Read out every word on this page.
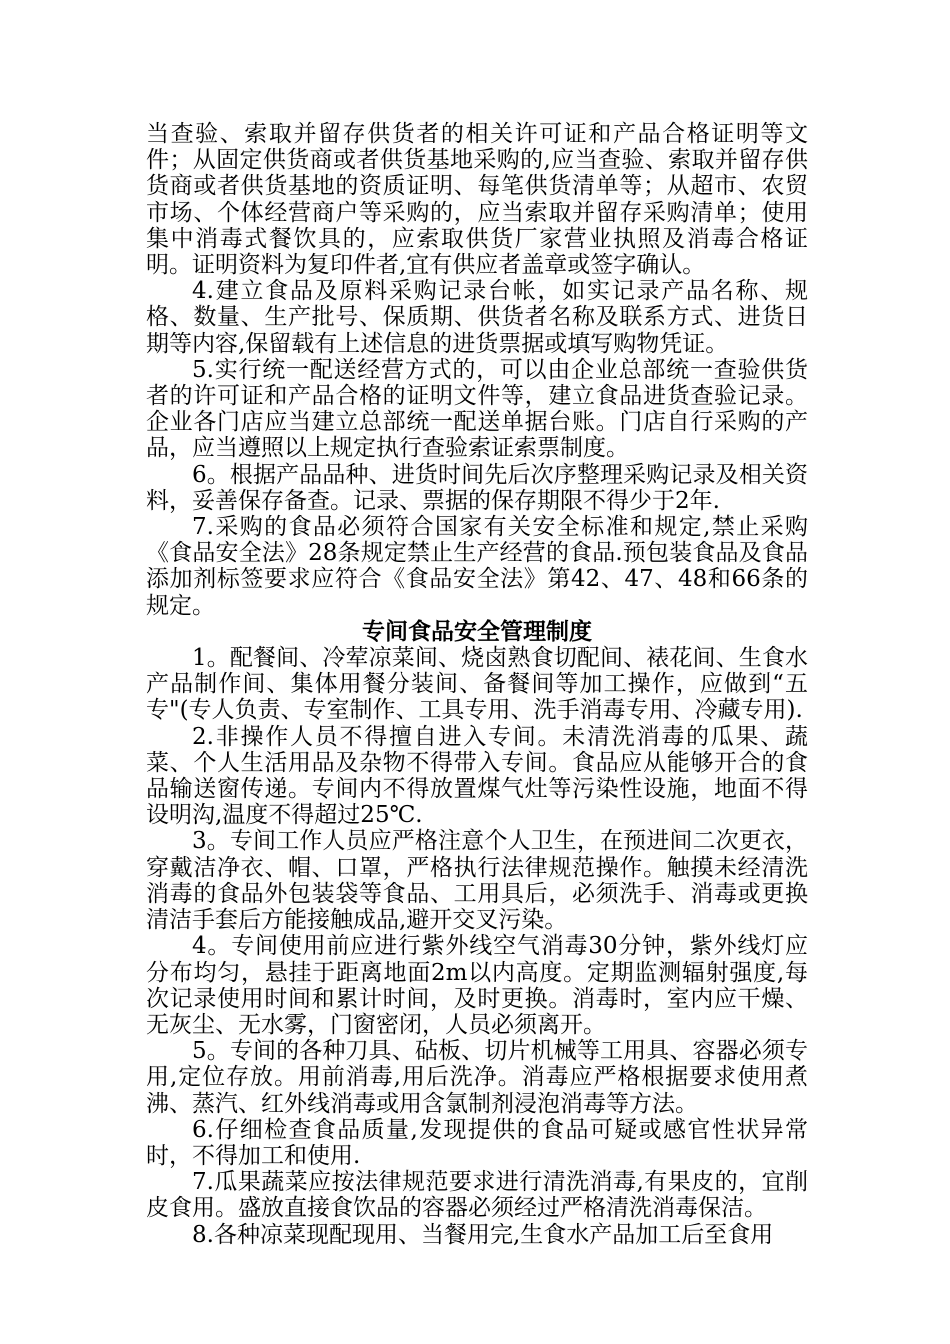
当查验、索取并留存供货者的相关许可证和产品合格证明等文件；从固定供货商或者供货基地采购的,应当查验、索取并留存供货商或者供货基地的资质证明、每笔供货清单等；从超市、农贸市场、个体经营商户等采购的，应当索取并留存采购清单；使用集中消毒式餐饮具的，应索取供货厂家营业执照及消毒合格证明。证明资料为复印件者,宜有供应者盖章或签字确认。

4.建立食品及原料采购记录台帐，如实记录产品名称、规格、数量、生产批号、保质期、供货者名称及联系方式、进货日期等内容,保留载有上述信息的进货票据或填写购物凭证。

5.实行统一配送经营方式的，可以由企业总部统一查验供货者的许可证和产品合格的证明文件等，建立食品进货查验记录。企业各门店应当建立总部统一配送单据台账。门店自行采购的产品，应当遵照以上规定执行查验索证索票制度。

6。根据产品品种、进货时间先后次序整理采购记录及相关资料，妥善保存备查。记录、票据的保存期限不得少于2年.

7.采购的食品必须符合国家有关安全标准和规定,禁止采购《食品安全法》28条规定禁止生产经营的食品.预包装食品及食品添加剂标签要求应符合《食品安全法》第42、47、48和66条的规定。

专间食品安全管理制度

1。配餐间、冷荤凉菜间、烧卤熟食切配间、裱花间、生食水产品制作间、集体用餐分装间、备餐间等加工操作，应做到“五专"(专人负责、专室制作、工具专用、洗手消毒专用、冷藏专用).

2.非操作人员不得擅自进入专间。未清洗消毒的瓜果、蔬菜、个人生活用品及杂物不得带入专间。食品应从能够开合的食品输送窗传递。专间内不得放置煤气灶等污染性设施，地面不得设明沟,温度不得超过25℃.

3。专间工作人员应严格注意个人卫生，在预进间二次更衣，穿戴洁净衣、帽、口罩，严格执行法律规范操作。触摸未经清洗消毒的食品外包装袋等食品、工用具后，必须洗手、消毒或更换清洁手套后方能接触成品,避开交叉污染。

4。专间使用前应进行紫外线空气消毒30分钟，紫外线灯应分布均匀，悬挂于距离地面2m以内高度。定期监测辐射强度,每次记录使用时间和累计时间，及时更换。消毒时，室内应干燥、无灰尘、无水雾，门窗密闭，人员必须离开。

5。专间的各种刀具、砧板、切片机械等工用具、容器必须专用,定位存放。用前消毒,用后洗净。消毒应严格根据要求使用煮沸、蒸汽、红外线消毒或用含氯制剂浸泡消毒等方法。

6.仔细检查食品质量,发现提供的食品可疑或感官性状异常时，不得加工和使用.

7.瓜果蔬菜应按法律规范要求进行清洗消毒,有果皮的，宜削皮食用。盛放直接食饮品的容器必须经过严格清洗消毒保洁。

8.各种凉菜现配现用、当餐用完,生食水产品加工后至食用
